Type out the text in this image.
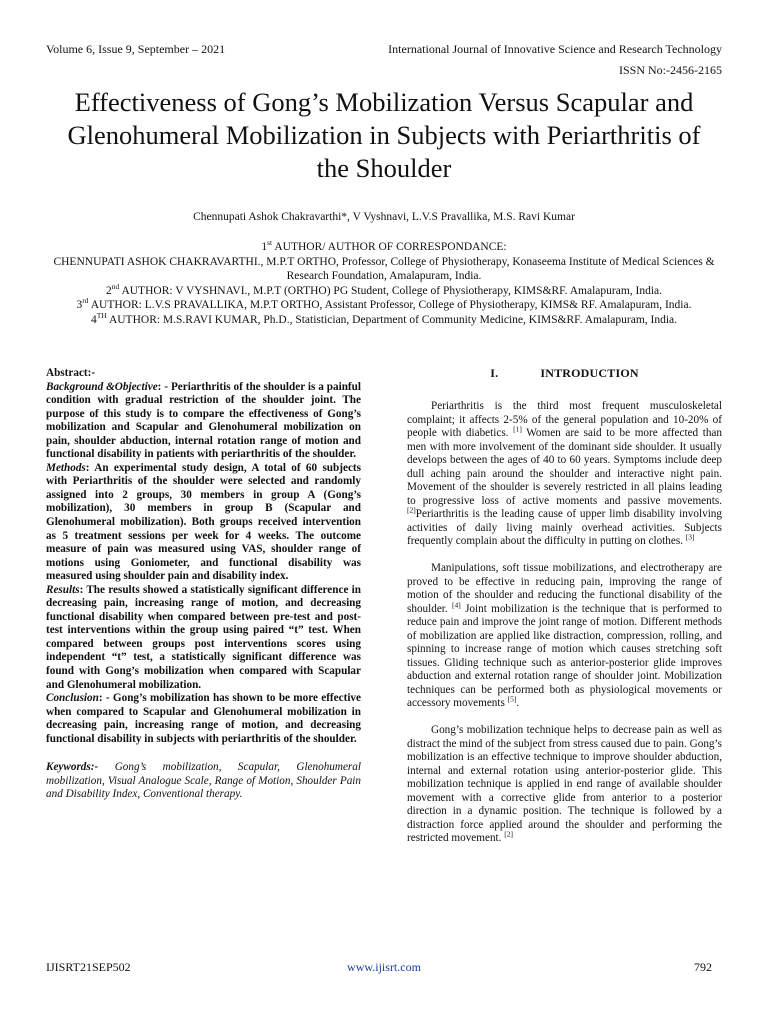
Volume 6, Issue 9, September – 2021	International Journal of Innovative Science and Research Technology
ISSN No:-2456-2165
Effectiveness of Gong’s Mobilization Versus Scapular and Glenohumeral Mobilization in Subjects with Periarthritis of the Shoulder
Chennupati Ashok Chakravarthi*, V Vyshnavi, L.V.S Pravallika, M.S. Ravi Kumar

1st AUTHOR/ AUTHOR OF CORRESPONDANCE:

CHENNUPATI ASHOK CHAKRAVARTHI., M.P.T ORTHO, Professor, College of Physiotherapy, Konaseema Institute of Medical Sciences & Research Foundation, Amalapuram, India.

2nd AUTHOR: V VYSHNAVI., M.P.T (ORTHO) PG Student, College of Physiotherapy, KIMS&RF. Amalapuram, India.

3rd AUTHOR: L.V.S PRAVALLIKA, M.P.T ORTHO, Assistant Professor, College of Physiotherapy, KIMS& RF. Amalapuram, India.

4TH AUTHOR: M.S.RAVI KUMAR, Ph.D., Statistician, Department of Community Medicine, KIMS&RF. Amalapuram, India.

Abstract:-

Background &Objective: - Periarthritis of the shoulder is a painful condition with gradual restriction of the shoulder joint. The purpose of this study is to compare the effectiveness of Gong’s mobilization and Scapular and Glenohumeral mobilization on pain, shoulder abduction, internal rotation range of motion and functional disability in patients with periarthritis of the shoulder.

Methods: An experimental study design, A total of 60 subjects with Periarthritis of the shoulder were selected and randomly assigned into 2 groups, 30 members in group A (Gong’s mobilization), 30 members in group B (Scapular and Glenohumeral mobilization). Both groups received intervention as 5 treatment sessions per week for 4 weeks. The outcome measure of pain was measured using VAS, shoulder range of motions using Goniometer, and functional disability was measured using shoulder pain and disability index.

Results: The results showed a statistically significant difference in decreasing pain, increasing range of motion, and decreasing functional disability when compared between pre-test and post-test interventions within the group using paired “t” test. When compared between groups post interventions scores using independent “t” test, a statistically significant difference was found with Gong’s mobilization when compared with Scapular and Glenohumeral mobilization.

Conclusion: - Gong’s mobilization has shown to be more effective when compared to Scapular and Glenohumeral mobilization in decreasing pain, increasing range of motion, and decreasing functional disability in subjects with periarthritis of the shoulder.

Keywords:- Gong’s mobilization, Scapular, Glenohumeral mobilization, Visual Analogue Scale, Range of Motion, Shoulder Pain and Disability Index, Conventional therapy.

I.	INTRODUCTION

Periarthritis is the third most frequent musculoskeletal complaint; it affects 2-5% of the general population and 10-20% of people with diabetics. [1] Women are said to be more affected than men with more involvement of the dominant side shoulder. It usually develops between the ages of 40 to 60 years. Symptoms include deep dull aching pain around the shoulder and interactive night pain. Movement of the shoulder is severely restricted in all plains leading to progressive loss of active moments and passive movements. [2]Periarthritis is the leading cause of upper limb disability involving activities of daily living mainly overhead activities. Subjects frequently complain about the difficulty in putting on clothes. [3]

Manipulations, soft tissue mobilizations, and electrotherapy are proved to be effective in reducing pain, improving the range of motion of the shoulder and reducing the functional disability of the shoulder. [4] Joint mobilization is the technique that is performed to reduce pain and improve the joint range of motion. Different methods of mobilization are applied like distraction, compression, rolling, and spinning to increase range of motion which causes stretching soft tissues. Gliding technique such as anterior-posterior glide improves abduction and external rotation range of shoulder joint. Mobilization techniques can be performed both as physiological movements or accessory movements [5].

Gong’s mobilization technique helps to decrease pain as well as distract the mind of the subject from stress caused due to pain. Gong’s mobilization is an effective technique to improve shoulder abduction, internal and external rotation using anterior-posterior glide. This mobilization technique is applied in end range of available shoulder movement with a corrective glide from anterior to a posterior direction in a dynamic position. The technique is followed by a distraction force applied around the shoulder and performing the restricted movement. [2]

IJISRT21SEP502	www.ijisrt.com	792
